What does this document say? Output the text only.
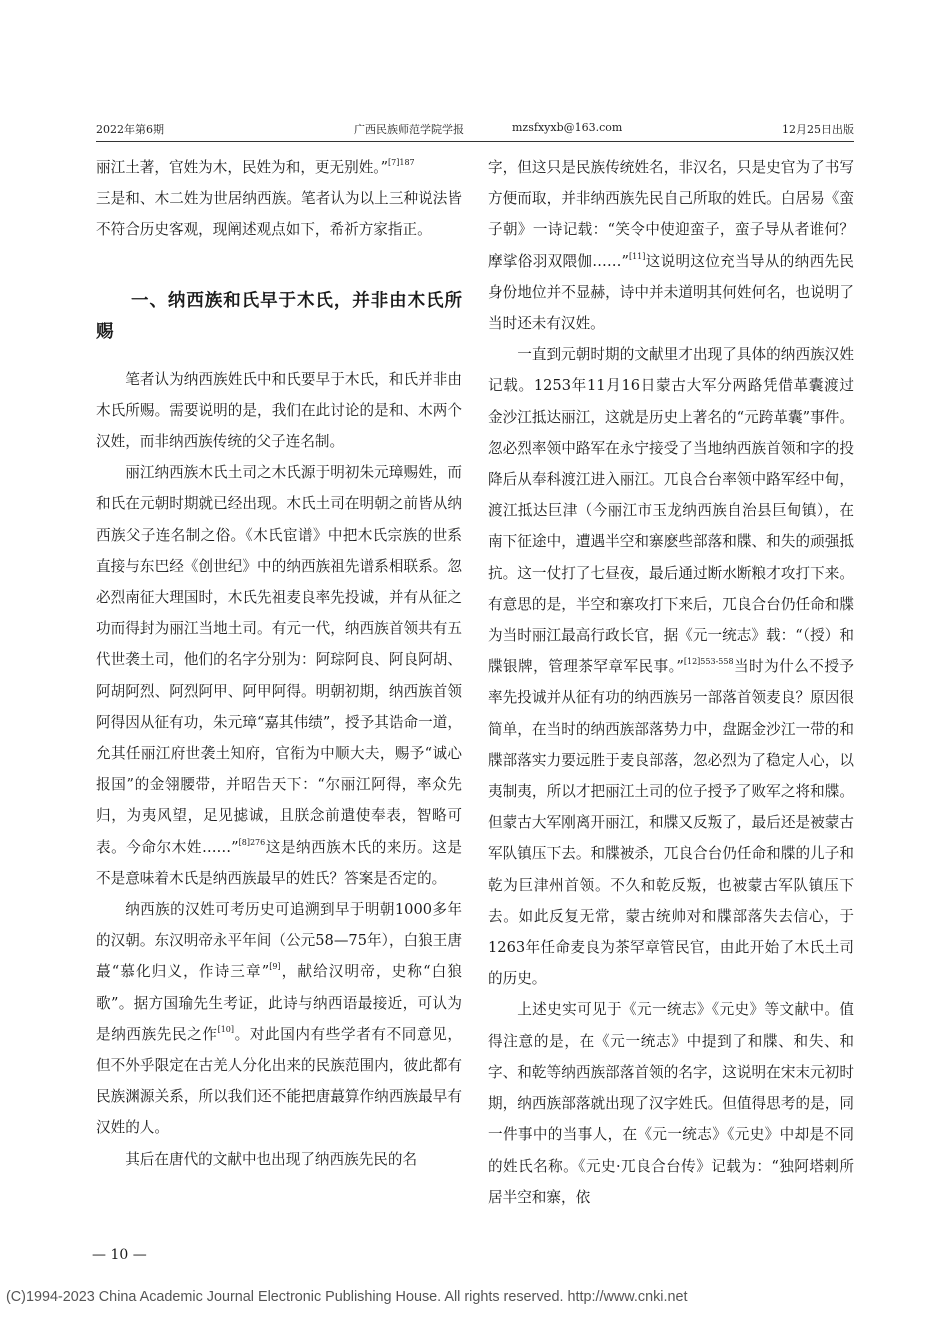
2022年第6期	广西民族师范学院学报	mzsfxyxb@163.com	12月25日出版

丽江土著，官姓为木，民姓为和，更无别姓。”$^{[7]187}$

三是和、木二姓为世居纳西族。笔者认为以上三种说法皆不符合历史客观，现阐述观点如下，希祈方家指正。

一、纳西族和氏早于木氏，并非由木氏所赐

笔者认为纳西族姓氏中和氏要早于木氏，和氏并非由木氏所赐。需要说明的是，我们在此讨论的是和、木两个汉姓，而非纳西族传统的父子连名制。

丽江纳西族木氏土司之木氏源于明初朱元璋赐姓，而和氏在元朝时期就已经出现。木氏土司在明朝之前皆从纳西族父子连名制之俗。《木氏宦谱》中把木氏宗族的世系直接与东巴经《创世纪》中的纳西族祖先谱系相联系。忽必烈南征大理国时，木氏先祖麦良率先投诚，并有从征之功而得封为丽江当地土司。有元一代，纳西族首领共有五代世袭土司，他们的名字分别为：阿琮阿良、阿良阿胡、阿胡阿烈、阿烈阿甲、阿甲阿得。明朝初期，纳西族首领阿得因从征有功，朱元璋“嘉其伟绩”，授予其诰命一道，允其任丽江府世袭土知府，官衔为中顺大夫，赐予“诚心报国”的金翎腰带，并昭告天下：“尔丽江阿得，率众先归，为夷风望，足见摅诚，且朕念前遣使奉表，智略可表。今命尔木姓……”$^{[8]276}$这是纳西族木氏的来历。这是不是意味着木氏是纳西族最早的姓氏？答案是否定的。

纳西族的汉姓可考历史可追溯到早于明朝1000多年的汉朝。东汉明帝永平年间（公元58—75年），白狼王唐蕞“慕化归义，作诗三章”[9]，献给汉明帝，史称“白狼歌”。据方国瑜先生考证，此诗与纳西语最接近，可认为是纳西族先民之作[10]。对此国内有些学者有不同意见，但不外乎限定在古羌人分化出来的民族范围内，彼此都有民族渊源关系，所以我们还不能把唐蕞算作纳西族最早有汉姓的人。

其后在唐代的文献中也出现了纳西族先民的名

字，但这只是民族传统姓名，非汉名，只是史官为了书写方便而取，并非纳西族先民自己所取的姓氏。白居易《蛮子朝》一诗记载：“笑令中使迎蛮子，蛮子导从者谁何？摩挲俗羽双隈伽……”[11]这说明这位充当导从的纳西先民身份地位并不显赫，诗中并未道明其何姓何名，也说明了当时还未有汉姓。

一直到元朝时期的文献里才出现了具体的纳西族汉姓记载。1253年11月16日蒙古大军分两路凭借革囊渡过金沙江抵达丽江，这就是历史上著名的“元跨革囊”事件。忽必烈率领中路军在永宁接受了当地纳西族首领和字的投降后从奉科渡江进入丽江。兀良合台率领中路军经中甸，渡江抵达巨津（今丽江市玉龙纳西族自治县巨甸镇），在南下征途中，遭遇半空和寨麽些部落和牒、和失的顽强抵抗。这一仗打了七昼夜，最后通过断水断粮才攻打下来。有意思的是，半空和寨攻打下来后，兀良合台仍任命和牒为当时丽江最高行政长官，据《元一统志》载：“（授）和牒银牌，管理茶罕章军民事。”$^{[12]553-558}$当时为什么不授予率先投诚并从征有功的纳西族另一部落首领麦良？原因很简单，在当时的纳西族部落势力中，盘踞金沙江一带的和牒部落实力要远胜于麦良部落，忽必烈为了稳定人心，以夷制夷，所以才把丽江土司的位子授予了败军之将和牒。但蒙古大军刚离开丽江，和牒又反叛了，最后还是被蒙古军队镇压下去。和牒被杀，兀良合台仍任命和牒的儿子和乾为巨津州首领。不久和乾反叛，也被蒙古军队镇压下去。如此反复无常，蒙古统帅对和牒部落失去信心，于1263年任命麦良为茶罕章管民官，由此开始了木氏土司的历史。

上述史实可见于《元一统志》《元史》等文献中。值得注意的是，在《元一统志》中提到了和牒、和失、和字、和乾等纳西族部落首领的名字，这说明在宋末元初时期，纳西族部落就出现了汉字姓氏。但值得思考的是，同一件事中的当事人，在《元一统志》《元史》中却是不同的姓氏名称。《元史·兀良合台传》记载为：“独阿塔剌所居半空和寨，依

— 10 —
(C)1994-2023 China Academic Journal Electronic Publishing House. All rights reserved. http://www.cnki.net
